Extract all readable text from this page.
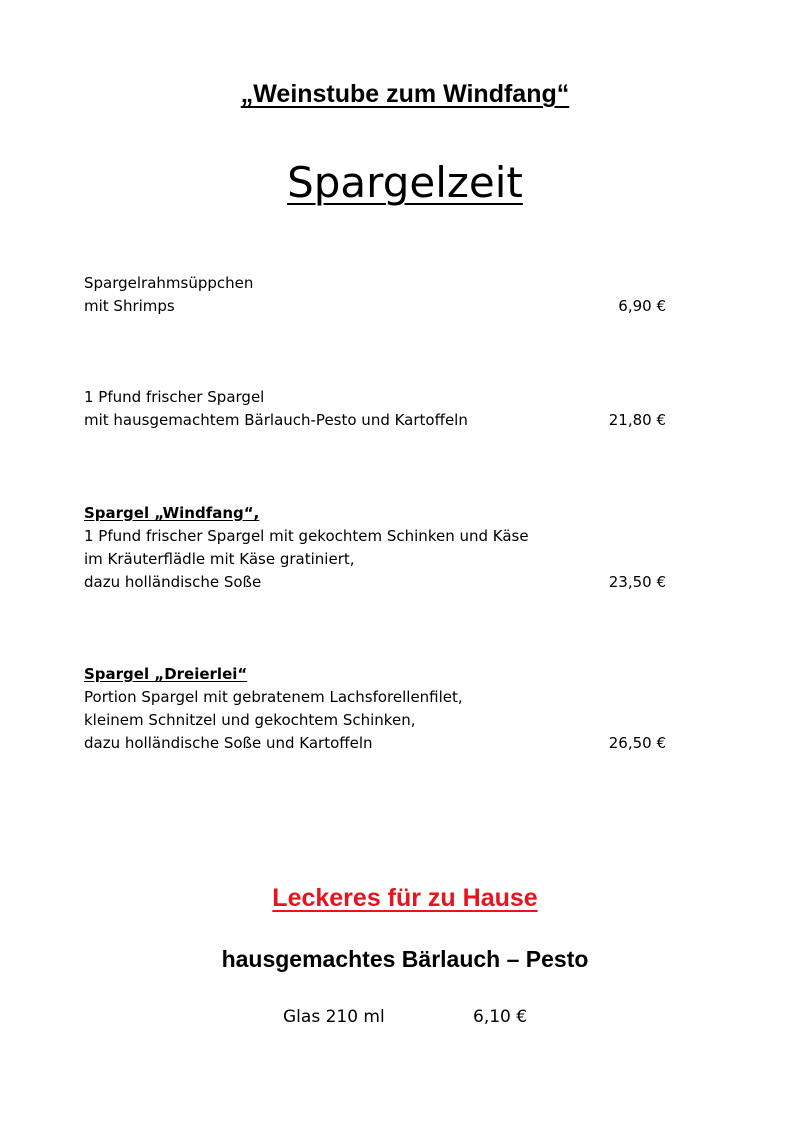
„Weinstube zum Windfang“
Spargelzeit
Spargelrahmsüppchen
mit Shrimps	6,90 €
1 Pfund frischer Spargel
mit hausgemachtem Bärlauch-Pesto und Kartoffeln	21,80 €
Spargel „Windfang“,
1 Pfund frischer Spargel mit gekochtem Schinken und Käse
im Kräuterflädle mit Käse gratiniert,
dazu holländische Soße	23,50 €
Spargel „Dreierlei“
Portion Spargel mit gebratenem Lachsforellenfilet,
kleinem Schnitzel und gekochtem Schinken,
dazu holländische Soße und Kartoffeln	26,50 €
Leckeres für zu Hause
hausgemachtes Bärlauch – Pesto
Glas 210 ml	6,10 €
